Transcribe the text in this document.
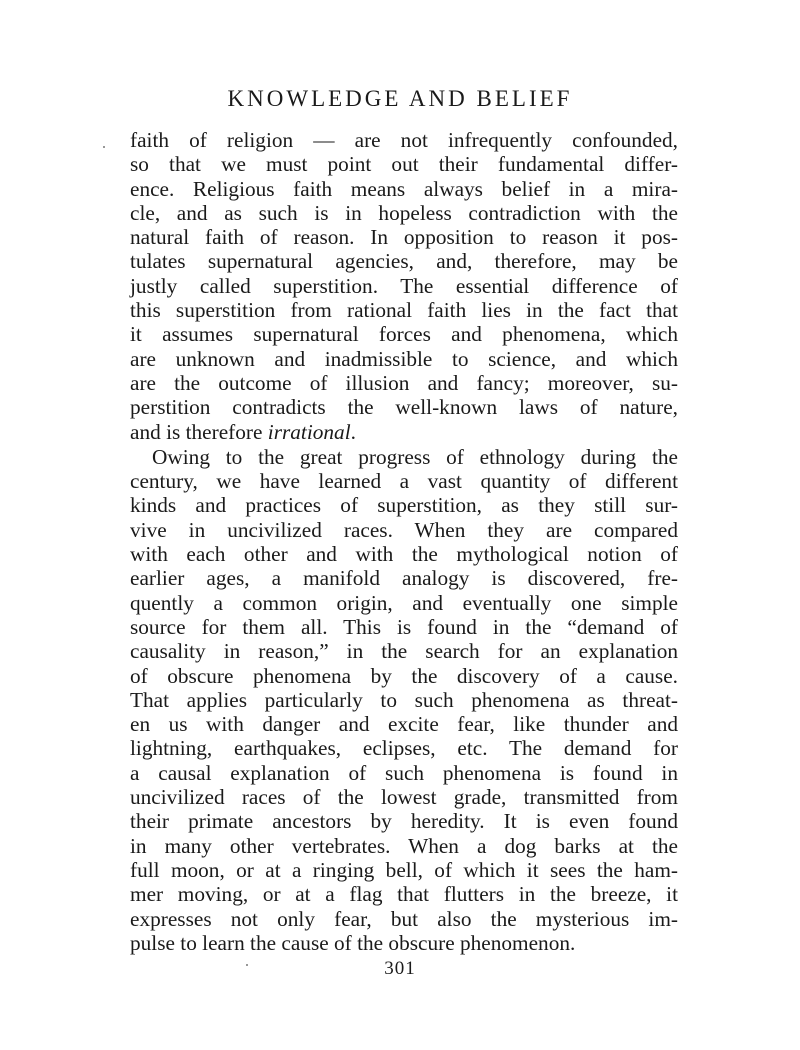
KNOWLEDGE AND BELIEF
faith of religion — are not infrequently confounded,
so that we must point out their fundamental differ-
ence. Religious faith means always belief in a mira-
cle, and as such is in hopeless contradiction with the
natural faith of reason. In opposition to reason it pos-
tulates supernatural agencies, and, therefore, may be
justly called superstition. The essential difference of
this superstition from rational faith lies in the fact that
it assumes supernatural forces and phenomena, which
are unknown and inadmissible to science, and which
are the outcome of illusion and fancy; moreover, su-
perstition contradicts the well-known laws of nature,
and is therefore irrational.
Owing to the great progress of ethnology during the
century, we have learned a vast quantity of different
kinds and practices of superstition, as they still sur-
vive in uncivilized races. When they are compared
with each other and with the mythological notion of
earlier ages, a manifold analogy is discovered, fre-
quently a common origin, and eventually one simple
source for them all. This is found in the “demand of
causality in reason,” in the search for an explanation
of obscure phenomena by the discovery of a cause.
That applies particularly to such phenomena as threat-
en us with danger and excite fear, like thunder and
lightning, earthquakes, eclipses, etc. The demand for
a causal explanation of such phenomena is found in
uncivilized races of the lowest grade, transmitted from
their primate ancestors by heredity. It is even found
in many other vertebrates. When a dog barks at the
full moon, or at a ringing bell, of which it sees the ham-
mer moving, or at a flag that flutters in the breeze, it
expresses not only fear, but also the mysterious im-
pulse to learn the cause of the obscure phenomenon.
301
